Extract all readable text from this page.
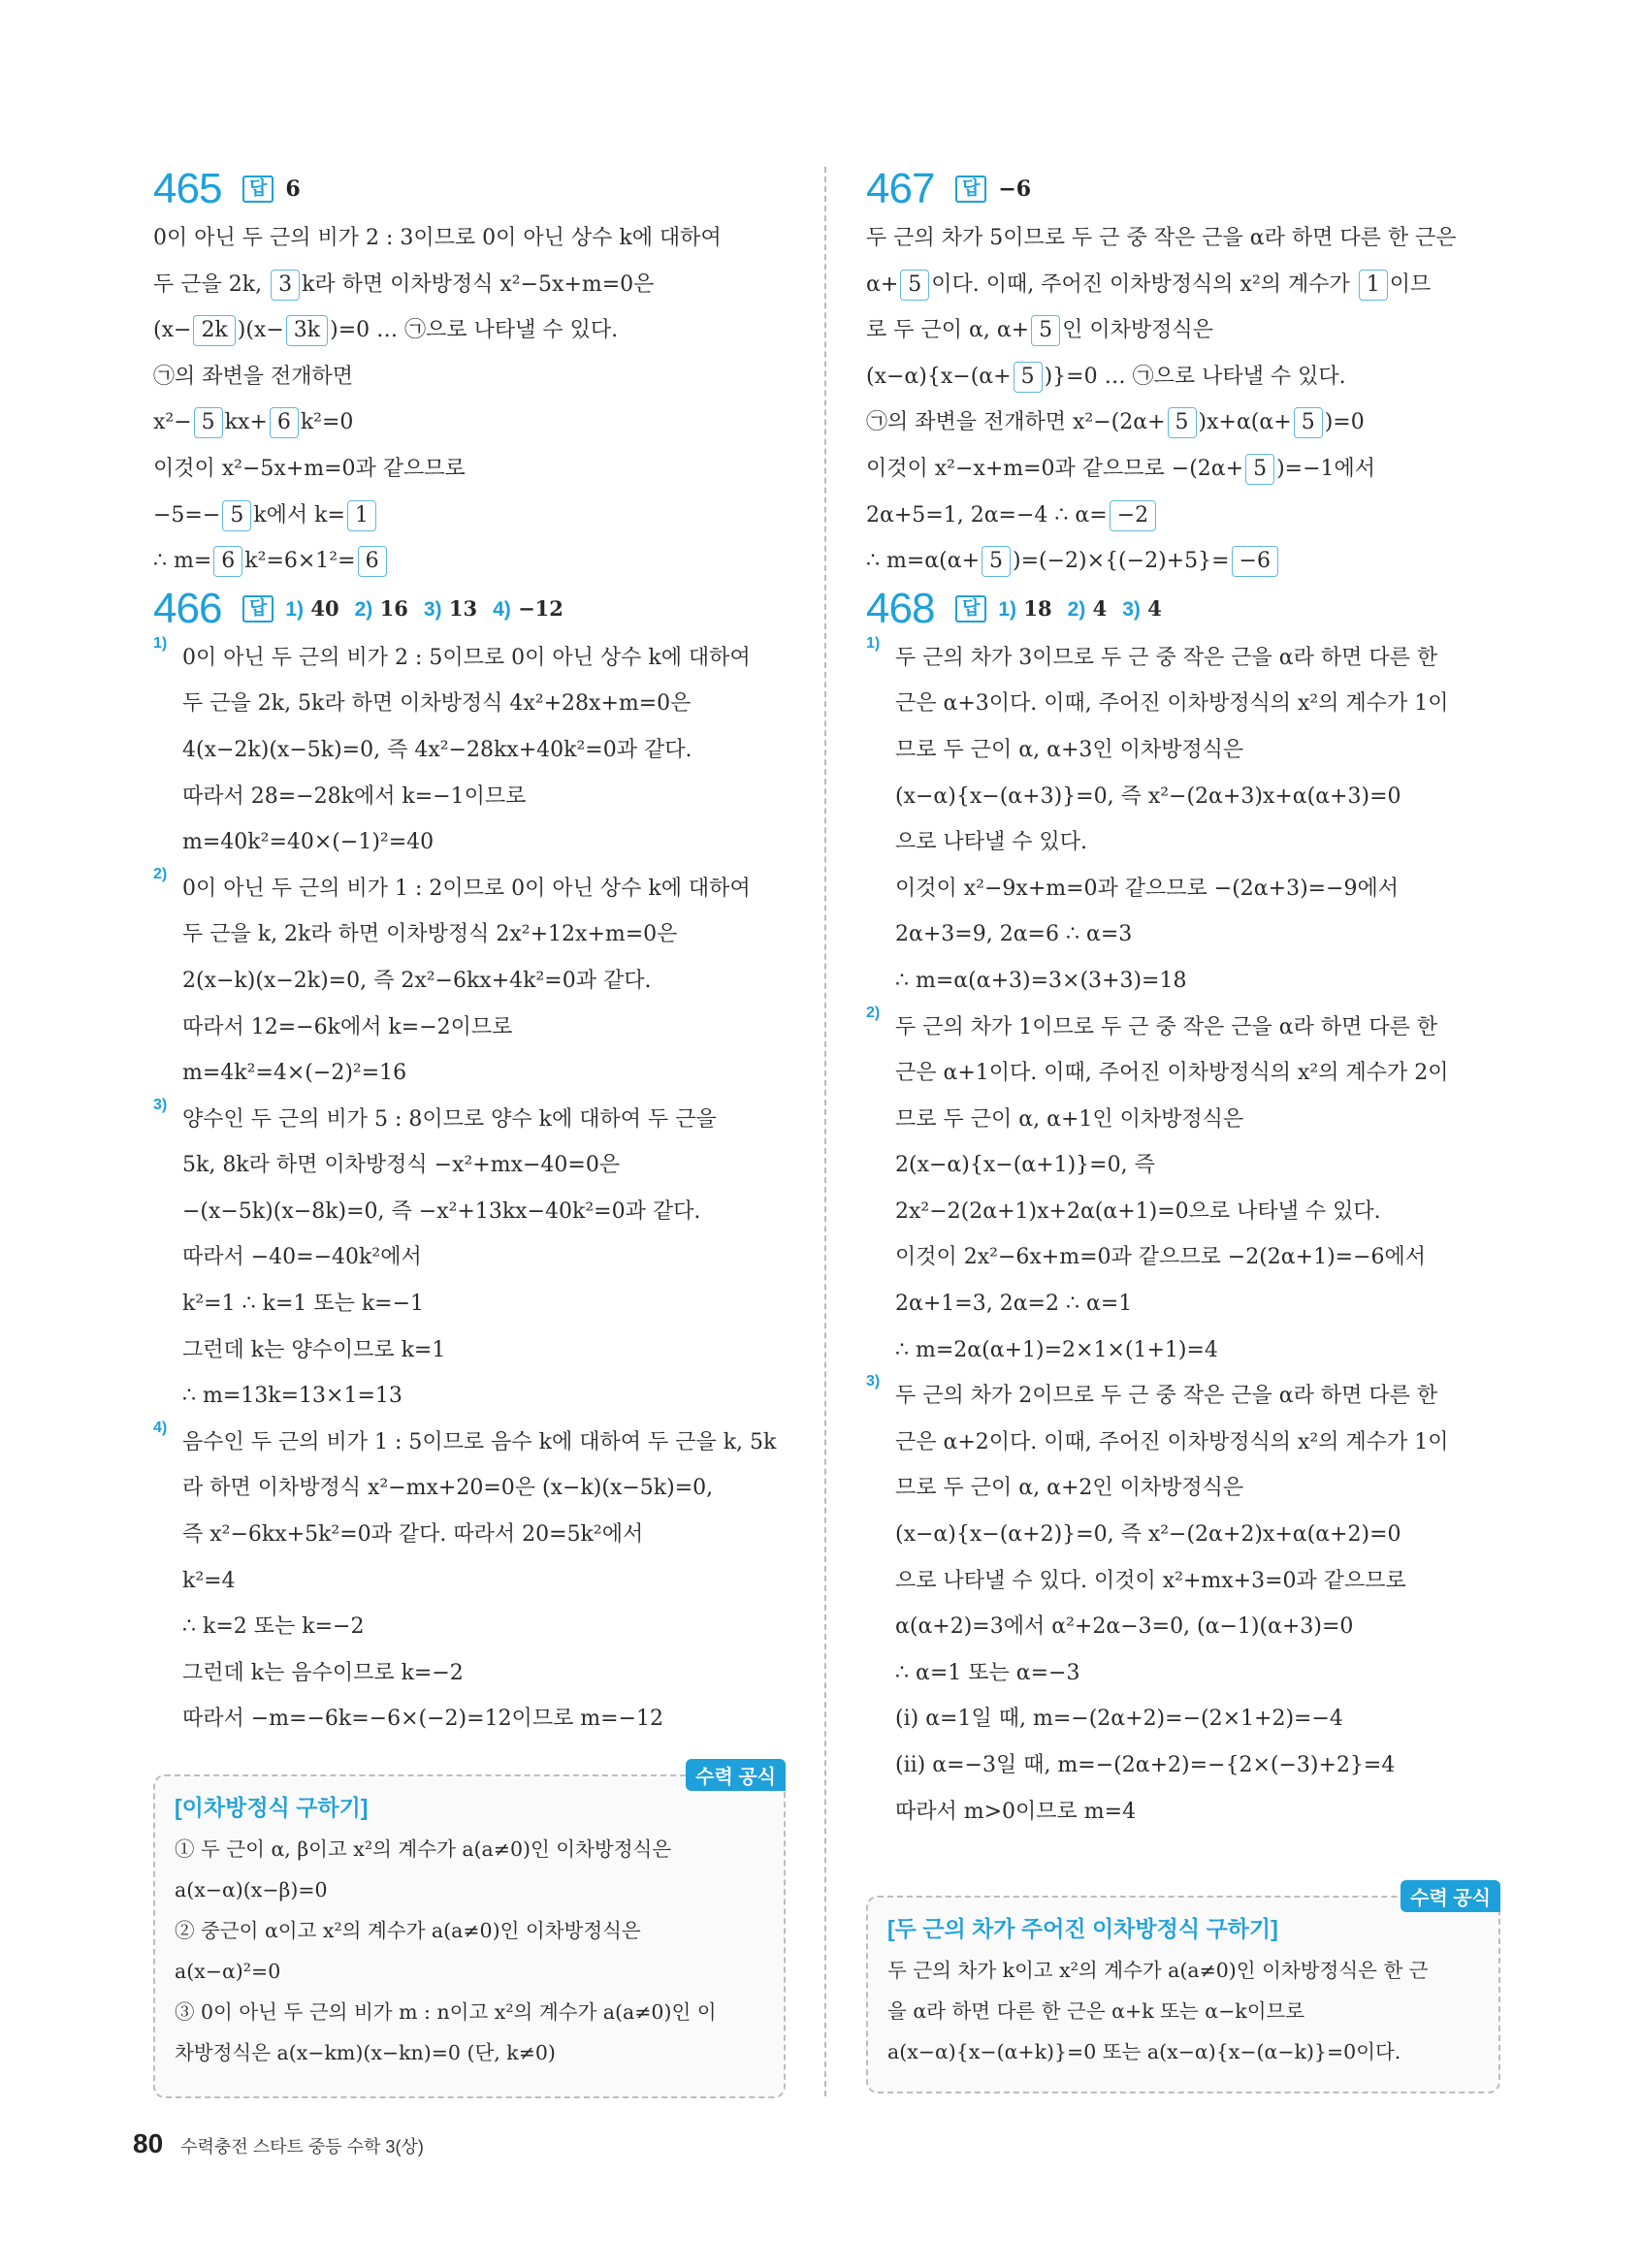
465	답 6
0이 아닌 두 근의 비가 2 : 3이므로 0이 아닌 상수 k에 대하여
두 근을 2k, 3 k라 하면 이차방정식 x²−5x+m=0은
(x− 2k )(x− 3k )=0 … ㉠으로 나타낼 수 있다.
㉠의 좌변을 전개하면
x²− 5 kx+ 6 k²=0
이것이 x²−5x+m=0과 같으므로
−5=− 5 k에서 k= 1
∴ m= 6 k²=6×1²= 6
466	답 1) 40 2) 16 3) 13 4) −12
1)
0이 아닌 두 근의 비가 2 : 5이므로 0이 아닌 상수 k에 대하여
두 근을 2k, 5k라 하면 이차방정식 4x²+28x+m=0은
4(x−2k)(x−5k)=0, 즉 4x²−28kx+40k²=0과 같다.
따라서 28=−28k에서 k=−1이므로
m=40k²=40×(−1)²=40
2)
0이 아닌 두 근의 비가 1 : 2이므로 0이 아닌 상수 k에 대하여
두 근을 k, 2k라 하면 이차방정식 2x²+12x+m=0은
2(x−k)(x−2k)=0, 즉 2x²−6kx+4k²=0과 같다.
따라서 12=−6k에서 k=−2이므로
m=4k²=4×(−2)²=16
3)
양수인 두 근의 비가 5 : 8이므로 양수 k에 대하여 두 근을
5k, 8k라 하면 이차방정식 −x²+mx−40=0은
−(x−5k)(x−8k)=0, 즉 −x²+13kx−40k²=0과 같다.
따라서 −40=−40k²에서
k²=1 ∴ k=1 또는 k=−1
그런데 k는 양수이므로 k=1
∴ m=13k=13×1=13
4)
음수인 두 근의 비가 1 : 5이므로 음수 k에 대하여 두 근을 k, 5k
라 하면 이차방정식 x²−mx+20=0은 (x−k)(x−5k)=0,
즉 x²−6kx+5k²=0과 같다. 따라서 20=5k²에서
k²=4
∴ k=2 또는 k=−2
그런데 k는 음수이므로 k=−2
따라서 −m=−6k=−6×(−2)=12이므로 m=−12
467	답 −6
두 근의 차가 5이므로 두 근 중 작은 근을 α라 하면 다른 한 근은
α+ 5 이다. 이때, 주어진 이차방정식의 x²의 계수가 1 이므
로 두 근이 α, α+ 5 인 이차방정식은
(x−α){x−(α+ 5 )}=0 … ㉠으로 나타낼 수 있다.
㉠의 좌변을 전개하면 x²−(2α+ 5 )x+α(α+ 5 )=0
이것이 x²−x+m=0과 같으므로 −(2α+ 5 )=−1에서
2α+5=1, 2α=−4 ∴ α= −2
∴ m=α(α+ 5 )=(−2)×{(−2)+5}= −6
468	답 1) 18 2) 4 3) 4
1)
두 근의 차가 3이므로 두 근 중 작은 근을 α라 하면 다른 한
근은 α+3이다. 이때, 주어진 이차방정식의 x²의 계수가 1이
므로 두 근이 α, α+3인 이차방정식은
(x−α){x−(α+3)}=0, 즉 x²−(2α+3)x+α(α+3)=0
으로 나타낼 수 있다.
이것이 x²−9x+m=0과 같으므로 −(2α+3)=−9에서
2α+3=9, 2α=6 ∴ α=3
∴ m=α(α+3)=3×(3+3)=18
2)
두 근의 차가 1이므로 두 근 중 작은 근을 α라 하면 다른 한
근은 α+1이다. 이때, 주어진 이차방정식의 x²의 계수가 2이
므로 두 근이 α, α+1인 이차방정식은
2(x−α){x−(α+1)}=0, 즉
2x²−2(2α+1)x+2α(α+1)=0으로 나타낼 수 있다.
이것이 2x²−6x+m=0과 같으므로 −2(2α+1)=−6에서
2α+1=3, 2α=2 ∴ α=1
∴ m=2α(α+1)=2×1×(1+1)=4
3)
두 근의 차가 2이므로 두 근 중 작은 근을 α라 하면 다른 한
근은 α+2이다. 이때, 주어진 이차방정식의 x²의 계수가 1이
므로 두 근이 α, α+2인 이차방정식은
(x−α){x−(α+2)}=0, 즉 x²−(2α+2)x+α(α+2)=0
으로 나타낼 수 있다. 이것이 x²+mx+3=0과 같으므로
α(α+2)=3에서 α²+2α−3=0, (α−1)(α+3)=0
∴ α=1 또는 α=−3
(ⅰ) α=1일 때, m=−(2α+2)=−(2×1+2)=−4
(ⅱ) α=−3일 때, m=−(2α+2)=−{2×(−3)+2}=4
따라서 m>0이므로 m=4
수력 공식
[이차방정식 구하기]
① 두 근이 α, β이고 x²의 계수가 a(a≠0)인 이차방정식은
a(x−α)(x−β)=0
② 중근이 α이고 x²의 계수가 a(a≠0)인 이차방정식은
a(x−α)²=0
③ 0이 아닌 두 근의 비가 m : n이고 x²의 계수가 a(a≠0)인 이
차방정식은 a(x−km)(x−kn)=0 (단, k≠0)
수력 공식
[두 근의 차가 주어진 이차방정식 구하기]
두 근의 차가 k이고 x²의 계수가 a(a≠0)인 이차방정식은 한 근
을 α라 하면 다른 한 근은 α+k 또는 α−k이므로
a(x−α){x−(α+k)}=0 또는 a(x−α){x−(α−k)}=0이다.
80 수력충전 스타트 중등 수학 3(상)
